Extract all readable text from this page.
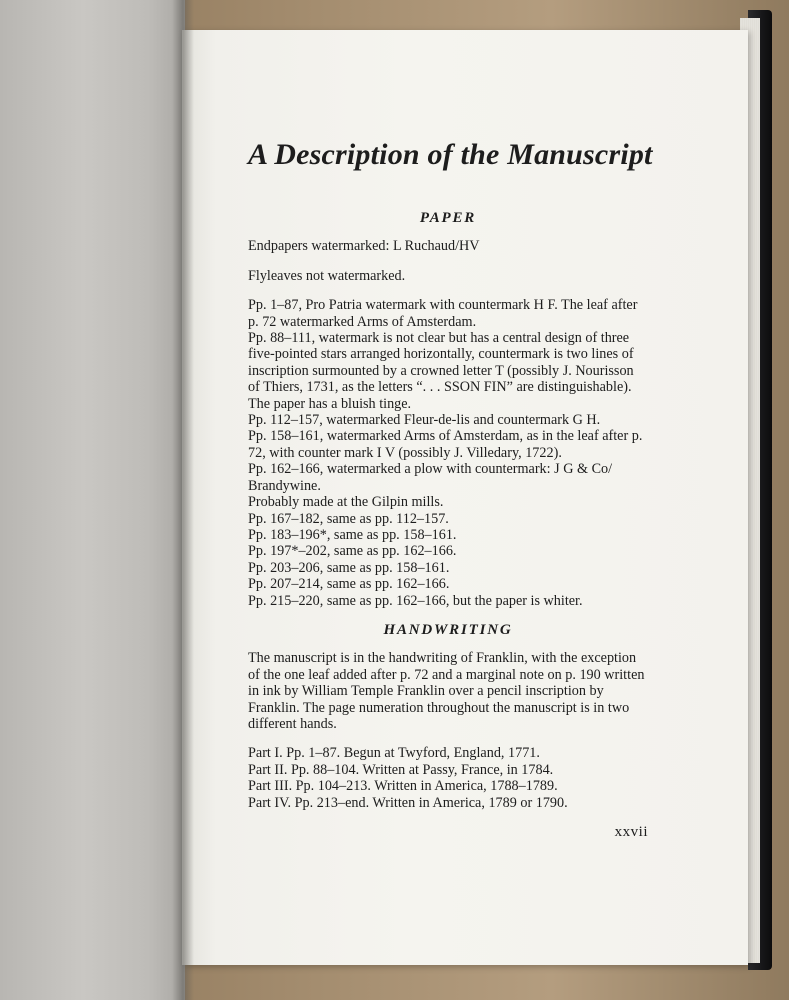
A Description of the Manuscript
PAPER

Endpapers watermarked: L Ruchaud/HV

Flyleaves not watermarked.

Pp. 1–87, Pro Patria watermark with countermark H F. The leaf after p. 72 watermarked Arms of Amsterdam.

Pp. 88–111, watermark is not clear but has a central design of three five-pointed stars arranged horizontally, countermark is two lines of inscription surmounted by a crowned letter T (possibly J. Nourisson of Thiers, 1731, as the letters “. . . SSON FIN” are distinguishable). The paper has a bluish tinge.

Pp. 112–157, watermarked Fleur-de-lis and countermark G H.

Pp. 158–161, watermarked Arms of Amsterdam, as in the leaf after p. 72, with counter mark I V (possibly J. Villedary, 1722).

Pp. 162–166, watermarked a plow with countermark: J G & Co/ Brandywine.

Probably made at the Gilpin mills.

Pp. 167–182, same as pp. 112–157.

Pp. 183–196*, same as pp. 158–161.

Pp. 197*–202, same as pp. 162–166.

Pp. 203–206, same as pp. 158–161.

Pp. 207–214, same as pp. 162–166.

Pp. 215–220, same as pp. 162–166, but the paper is whiter.

HANDWRITING

The manuscript is in the handwriting of Franklin, with the exception of the one leaf added after p. 72 and a marginal note on p. 190 written in ink by William Temple Franklin over a pencil inscription by Franklin. The page numeration throughout the manuscript is in two different hands.

Part I. Pp. 1–87. Begun at Twyford, England, 1771.

Part II. Pp. 88–104. Written at Passy, France, in 1784.

Part III. Pp. 104–213. Written in America, 1788–1789.

Part IV. Pp. 213–end. Written in America, 1789 or 1790.

xxvii
